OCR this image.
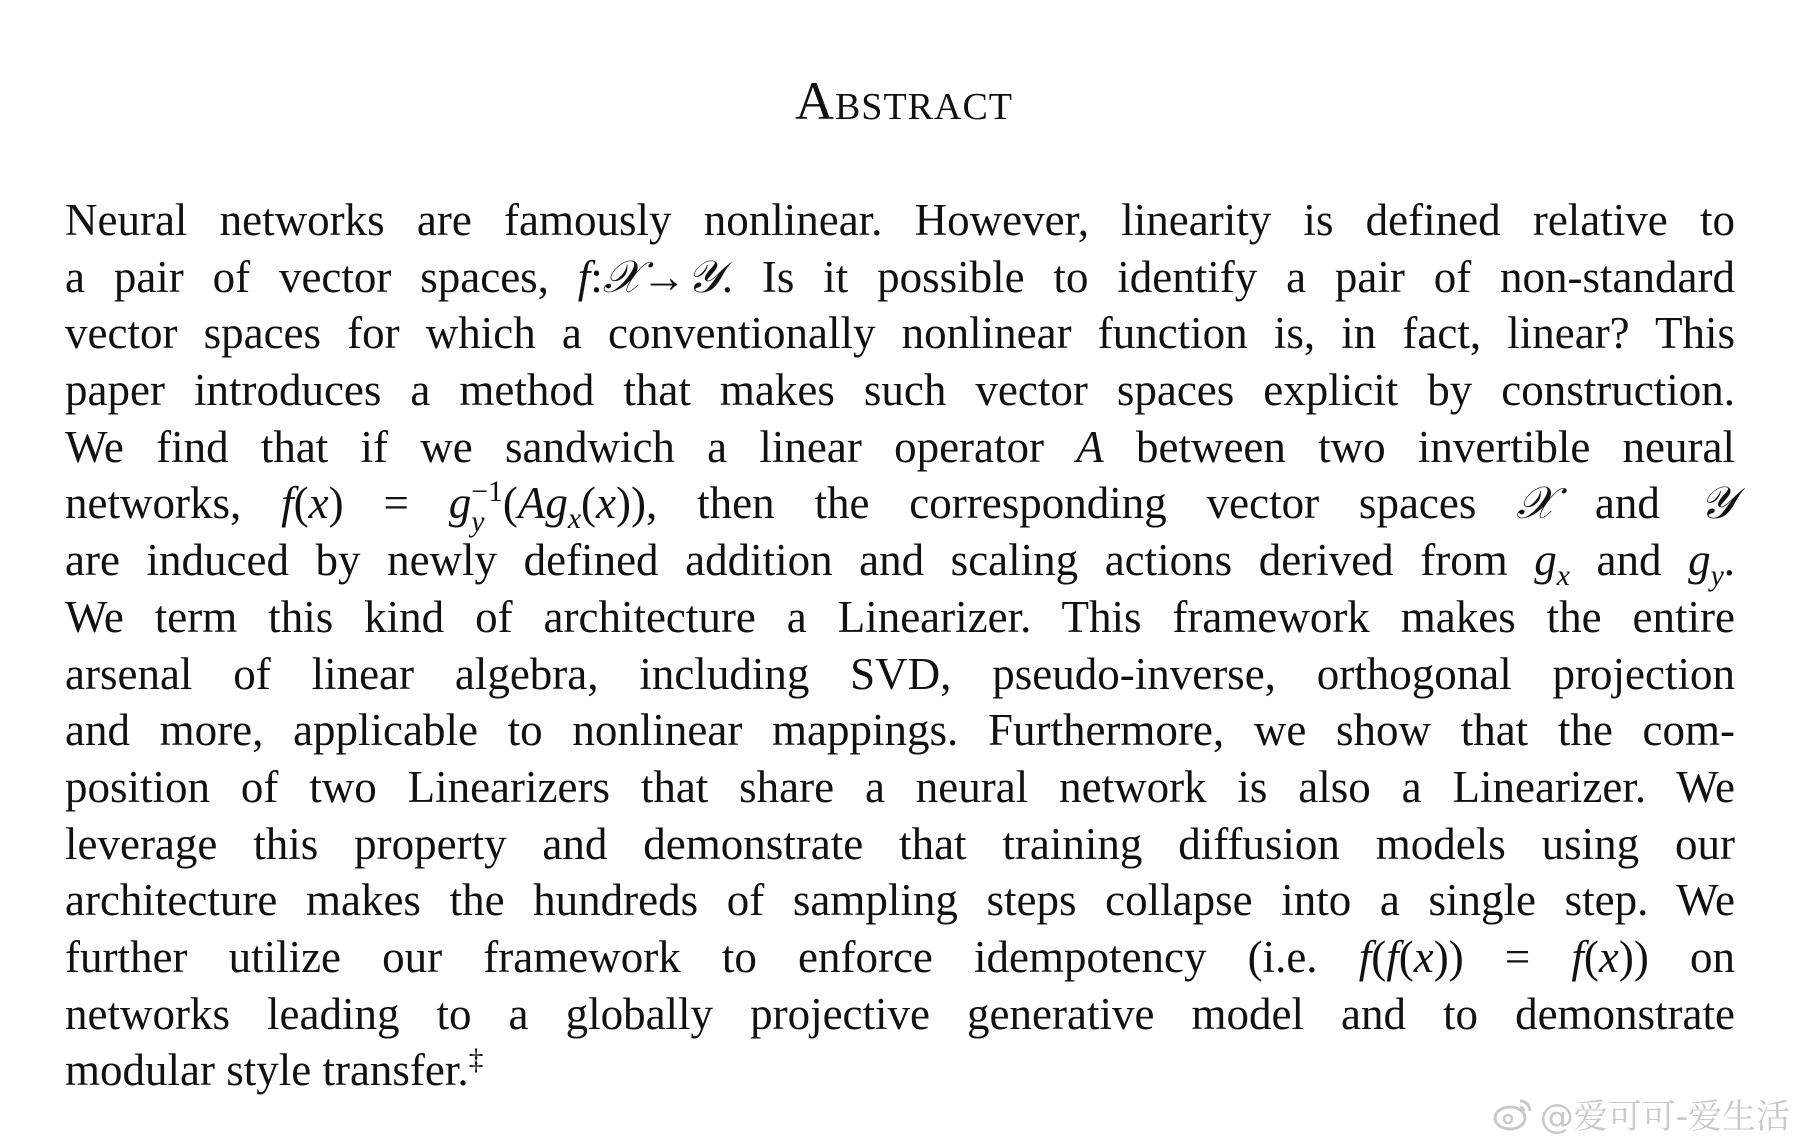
Abstract
Neural networks are famously nonlinear. However, linearity is defined relative to
a pair of vector spaces, f:𝒳→𝒴. Is it possible to identify a pair of non-standard
vector spaces for which a conventionally nonlinear function is, in fact, linear? This
paper introduces a method that makes such vector spaces explicit by construction.
We find that if we sandwich a linear operator A between two invertible neural
networks, f(x) = g −1
y $(Ag_x(x))$, then the corresponding vector spaces 𝒳 and 𝒴
are induced by newly defined addition and scaling actions derived from $g_x$ and $g_y$.
We term this kind of architecture a Linearizer. This framework makes the entire
arsenal of linear algebra, including SVD, pseudo-inverse, orthogonal projection
and more, applicable to nonlinear mappings. Furthermore, we show that the com-
position of two Linearizers that share a neural network is also a Linearizer. We
leverage this property and demonstrate that training diffusion models using our
architecture makes the hundreds of sampling steps collapse into a single step. We
further utilize our framework to enforce idempotency (i.e. f(f(x)) = f(x)) on
networks leading to a globally projective generative model and to demonstrate
modular style transfer.‡
@爱可可-爱生活
